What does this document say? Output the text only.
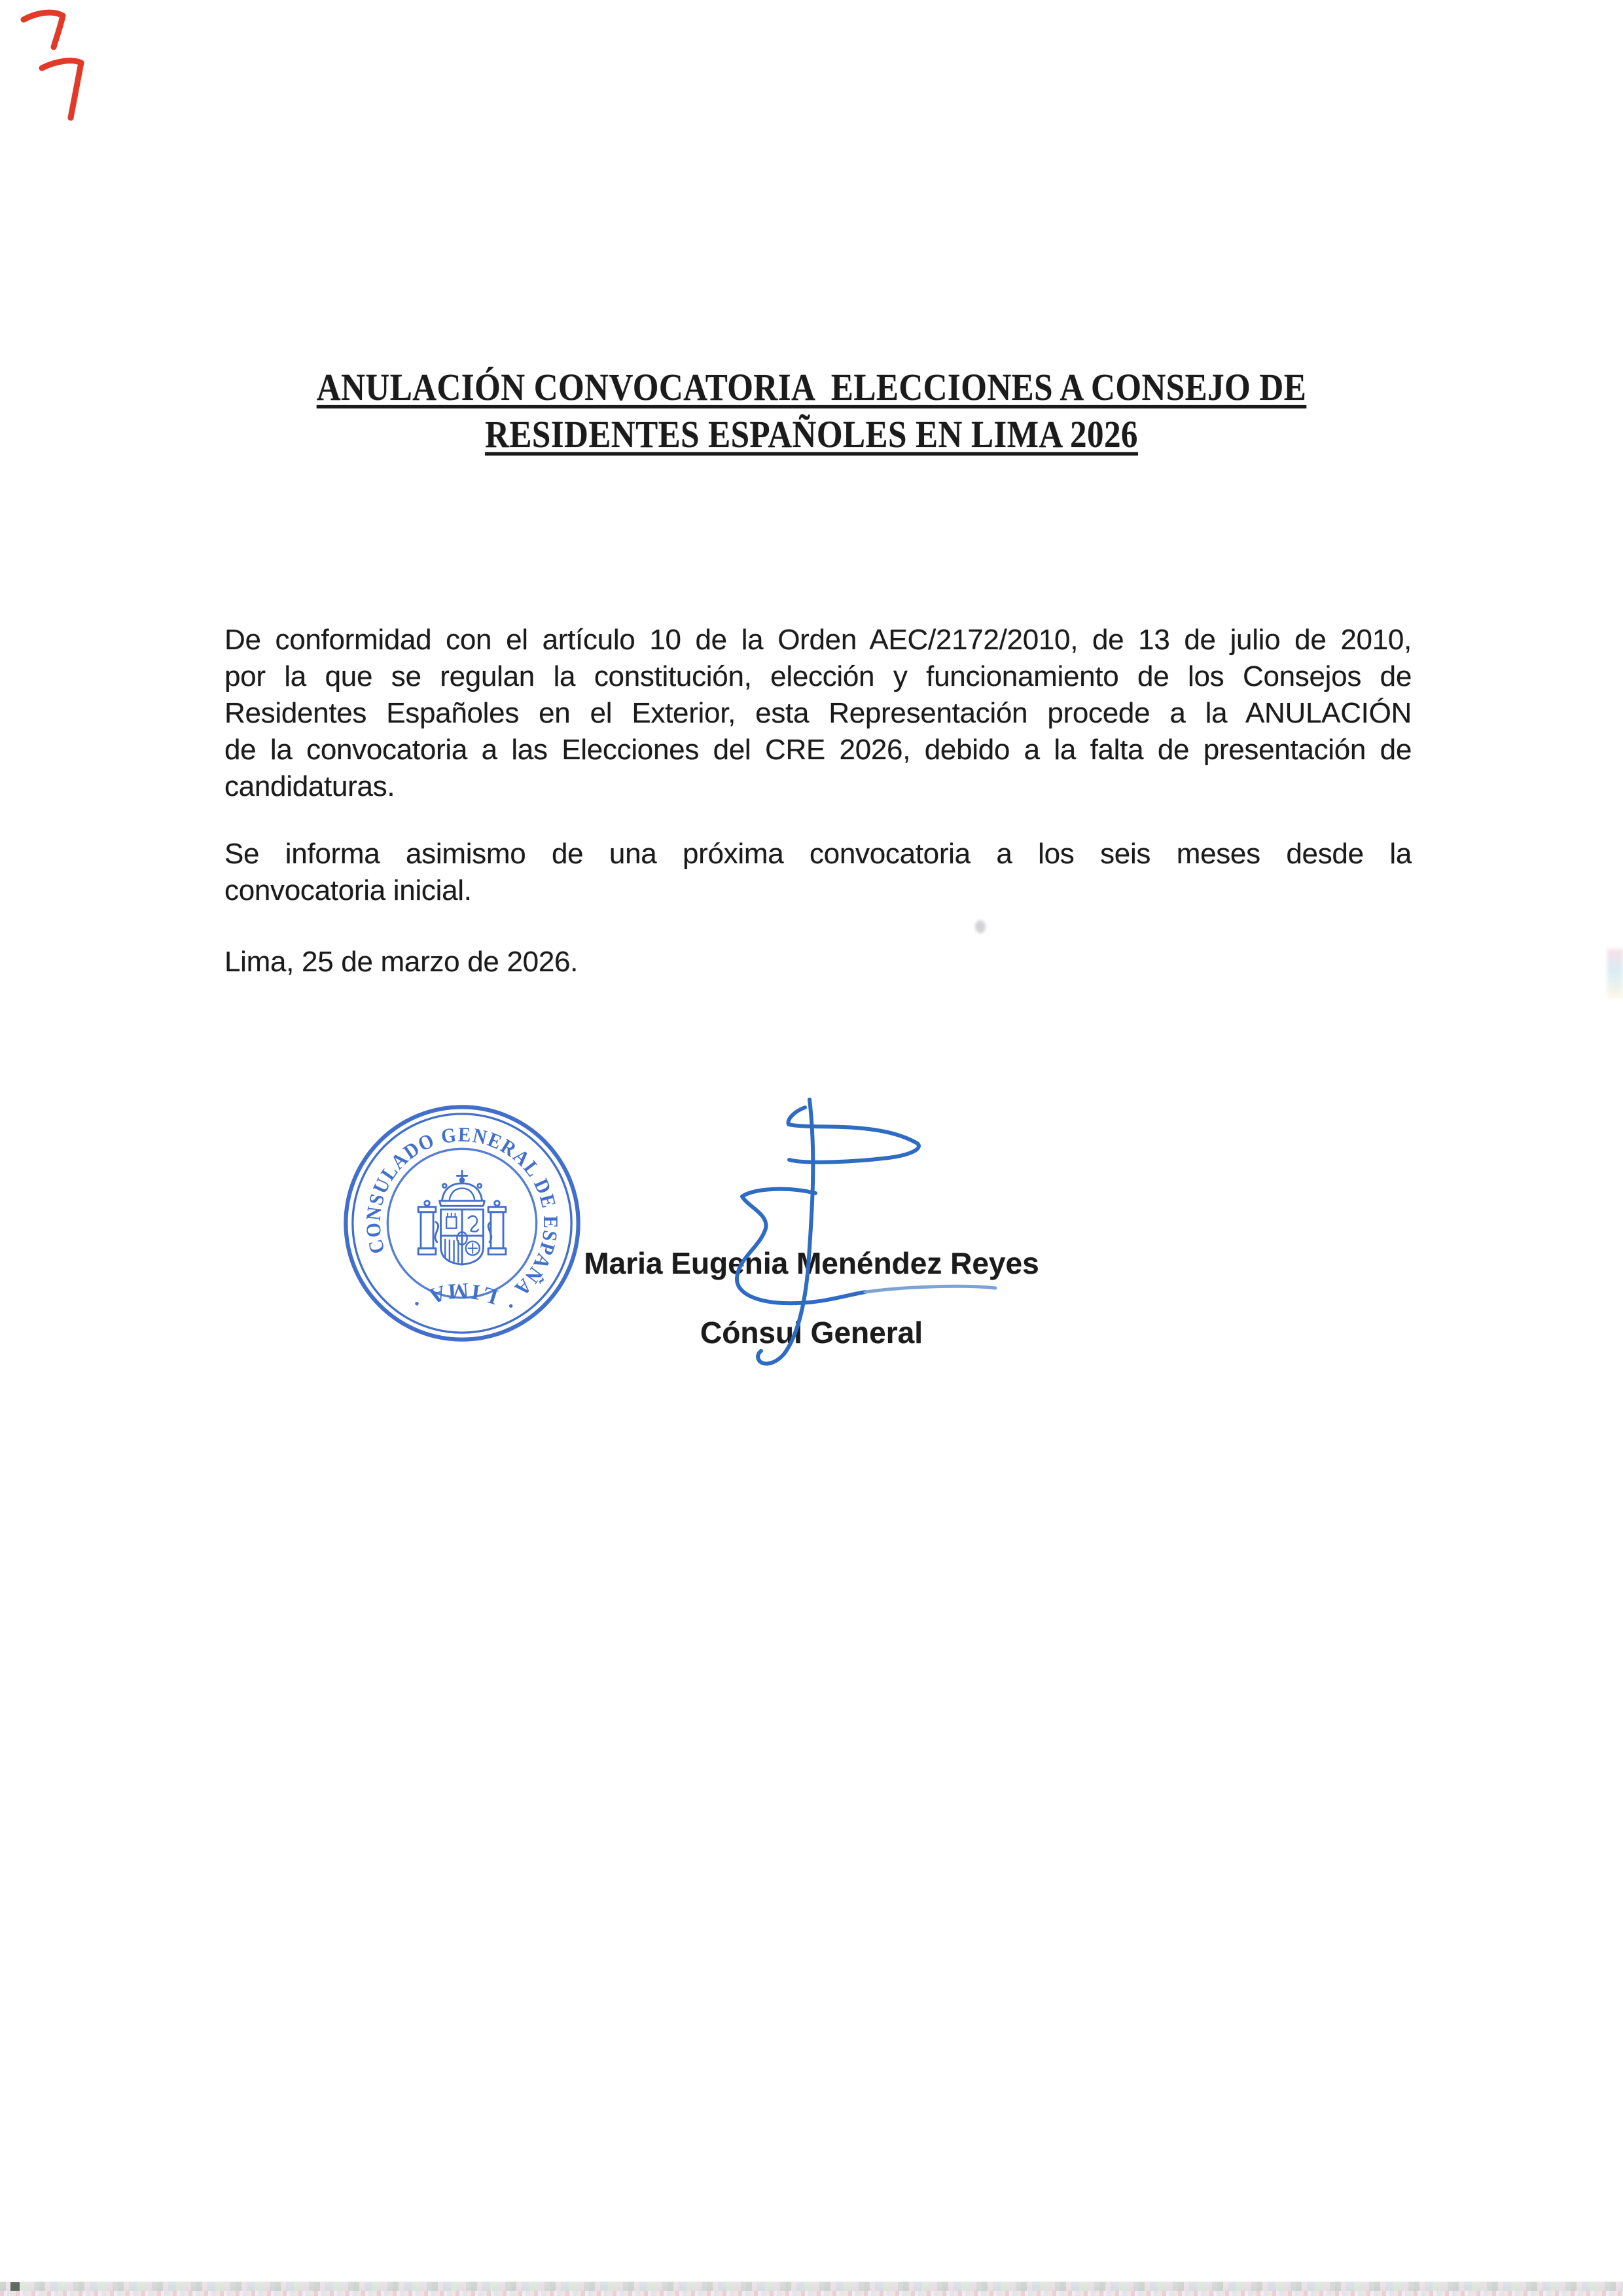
ANULACIÓN CONVOCATORIA  ELECCIONES A CONSEJO DE
RESIDENTES ESPAÑOLES EN LIMA 2026
De conformidad con el artículo 10 de la Orden AEC/2172/2010, de 13 de julio de 2010,
por la que se regulan la constitución, elección y funcionamiento de los Consejos de
Residentes Españoles en el Exterior, esta Representación procede a la ANULACIÓN
de la convocatoria a las Elecciones del CRE 2026, debido a la falta de presentación de
candidaturas.
Se informa asimismo de una próxima convocatoria a los seis meses desde la
convocatoria inicial.
Lima, 25 de marzo de 2026.
CONSULADO GENERAL DE ESPAÑA
· LIMA ·
Maria Eugenia Menéndez Reyes
Cónsul General
